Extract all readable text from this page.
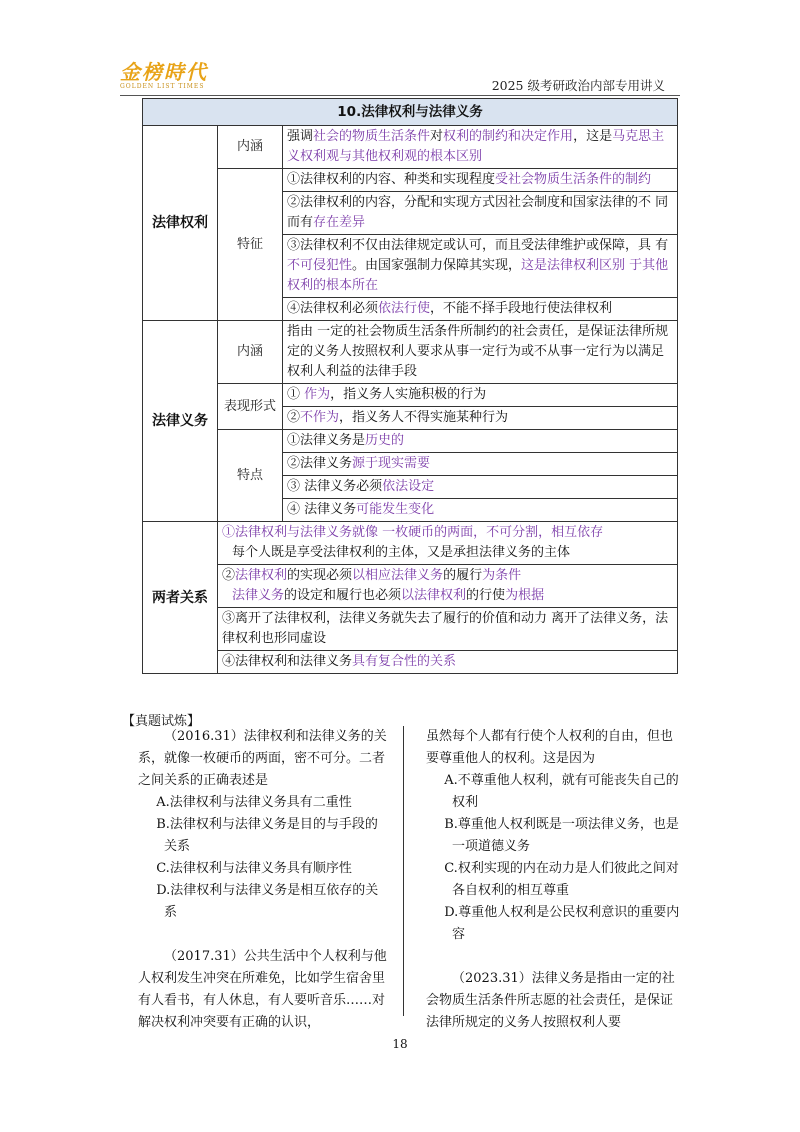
金榜時代
GOLDEN LIST TIMES	2025 级考研政治内部专用讲义
10.法律权利与法律义务		
法律权利	内涵	强调社会的物质生活条件对权利的制约和决定作用，这是马克思主义权利观与其他权利观的根本区别
	特征	①法律权利的内容、种类和实现程度受社会物质生活条件的制约
		②法律权利的内容，分配和实现方式因社会制度和国家法律的不 同而有存在差异
		③法律权利不仅由法律规定或认可，而且受法律维护或保障，具 有不可侵犯性。由国家强制力保障其实现，这是法律权利区别 于其他权利的根本所在
		④法律权利必须依法行使，不能不择手段地行使法律权利
法律义务	内涵	指由 一定的社会物质生活条件所制约的社会责任，是保证法律所规 定的义务人按照权利人要求从事一定行为或不从事一定行为以满足 权利人利益的法律手段
	表现形式	① 作为，指义务人实施积极的行为
		②不作为，指义务人不得实施某种行为
	特点	①法律义务是历史的
		②法律义务源于现实需要
		③ 法律义务必须依法设定
		④ 法律义务可能发生变化
两者关系	①法律权利与法律义务就像 一枚硬币的两面，不可分割，相互依存
每个人既是享受法律权利的主体，又是承担法律义务的主体	
	②法律权利的实现必须以相应法律义务的履行为条件
法律义务的设定和履行也必须以法律权利的行使为根据	
	③离开了法律权利，法律义务就失去了履行的价值和动力 离开了法律义务，法律权利也形同虚设	
	④法律权利和法律义务具有复合性的关系	
【真题试炼】

（2016.31）法律权利和法律义务的关系，就像一枚硬币的两面，密不可分。二者之间关系的正确表述是

A.法律权利与法律义务具有二重性

B.法律权利与法律义务是目的与手段的关系

C.法律权利与法律义务具有顺序性

D.法律权利与法律义务是相互依存的关系

（2017.31）公共生活中个人权利与他人权利发生冲突在所难免，比如学生宿舍里有人看书，有人休息，有人要听音乐……对解决权利冲突要有正确的认识，

虽然每个人都有行使个人权利的自由，但也要尊重他人的权利。这是因为

A.不尊重他人权利，就有可能丧失自己的权利

B.尊重他人权利既是一项法律义务，也是一项道德义务

C.权利实现的内在动力是人们彼此之间对各自权利的相互尊重

D.尊重他人权利是公民权利意识的重要内容

（2023.31）法律义务是指由一定的社会物质生活条件所志愿的社会责任，是保证法律所规定的义务人按照权利人要

18
